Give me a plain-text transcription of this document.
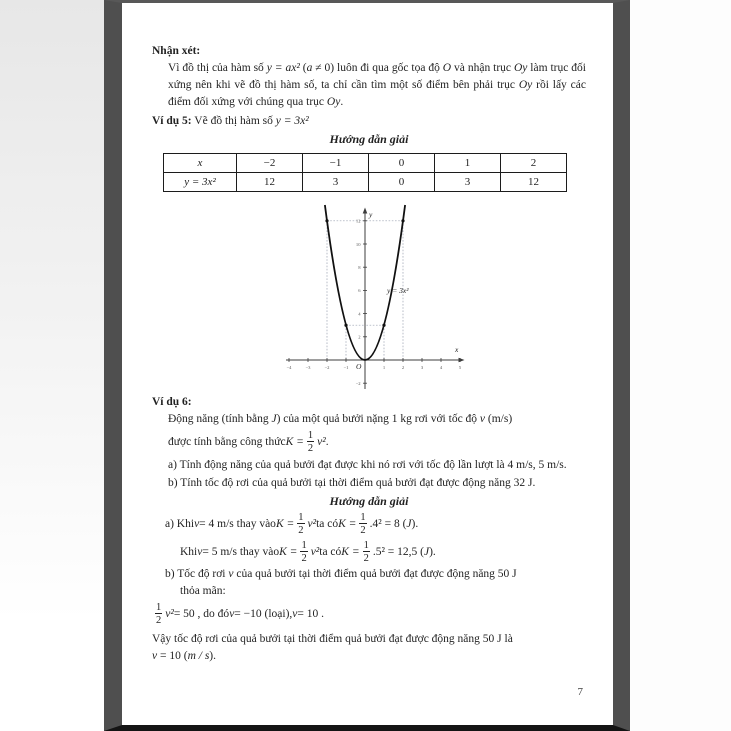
Nhận xét:

Vì đồ thị của hàm số y = ax² (a ≠ 0) luôn đi qua gốc tọa độ O và nhận trục Oy làm trục đối xứng nên khi vẽ đồ thị hàm số, ta chỉ cần tìm một số điểm bên phải trục Oy rồi lấy các điểm đối xứng với chúng qua trục Oy.

Ví dụ 5: Vẽ đồ thị hàm số y = 3x²

Hướng dẫn giải

x	−2	−1	0	1	2
y = 3x²	12	3	0	3	12
−4	−3	−2	−1	1	2	3	4	5
2
4
6
8
10
12
−2
x
y
O
y = 3x²

Ví dụ 6:

Động năng (tính bằng J) của một quả bưởi nặng 1 kg rơi với tốc độ v (m/s)

được tính bằng công thức $K = \frac{1}{2} v^2$ .

a) Tính động năng của quả bưởi đạt được khi nó rơi với tốc độ lần lượt là 4 m/s, 5 m/s.
b) Tính tốc độ rơi của quả bưởi tại thời điểm quả bưởi đạt được động năng 32 J.

Hướng dẫn giải

a) Khi v = 4 m/s thay vào $K = \frac{1}{2} v^2$ ta có $K = \frac{1}{2} .4^2 = 8$ ( J ).
Khi v = 5 m/s thay vào $K = \frac{1}{2} v^2$ ta có $K = \frac{1}{2} .5^2 = 12,5$ ( J ).
b) Tốc độ rơi v của quả bưởi tại thời điểm quả bưởi đạt được động năng 50 J
thỏa mãn:
$\frac{1}{2} v^2 = 50$ , do đó v = −10 (loại), v = 10 .
Vậy tốc độ rơi của quả bưởi tại thời điểm quả bưởi đạt được động năng 50 J là
v = 10 (m / s).
7
